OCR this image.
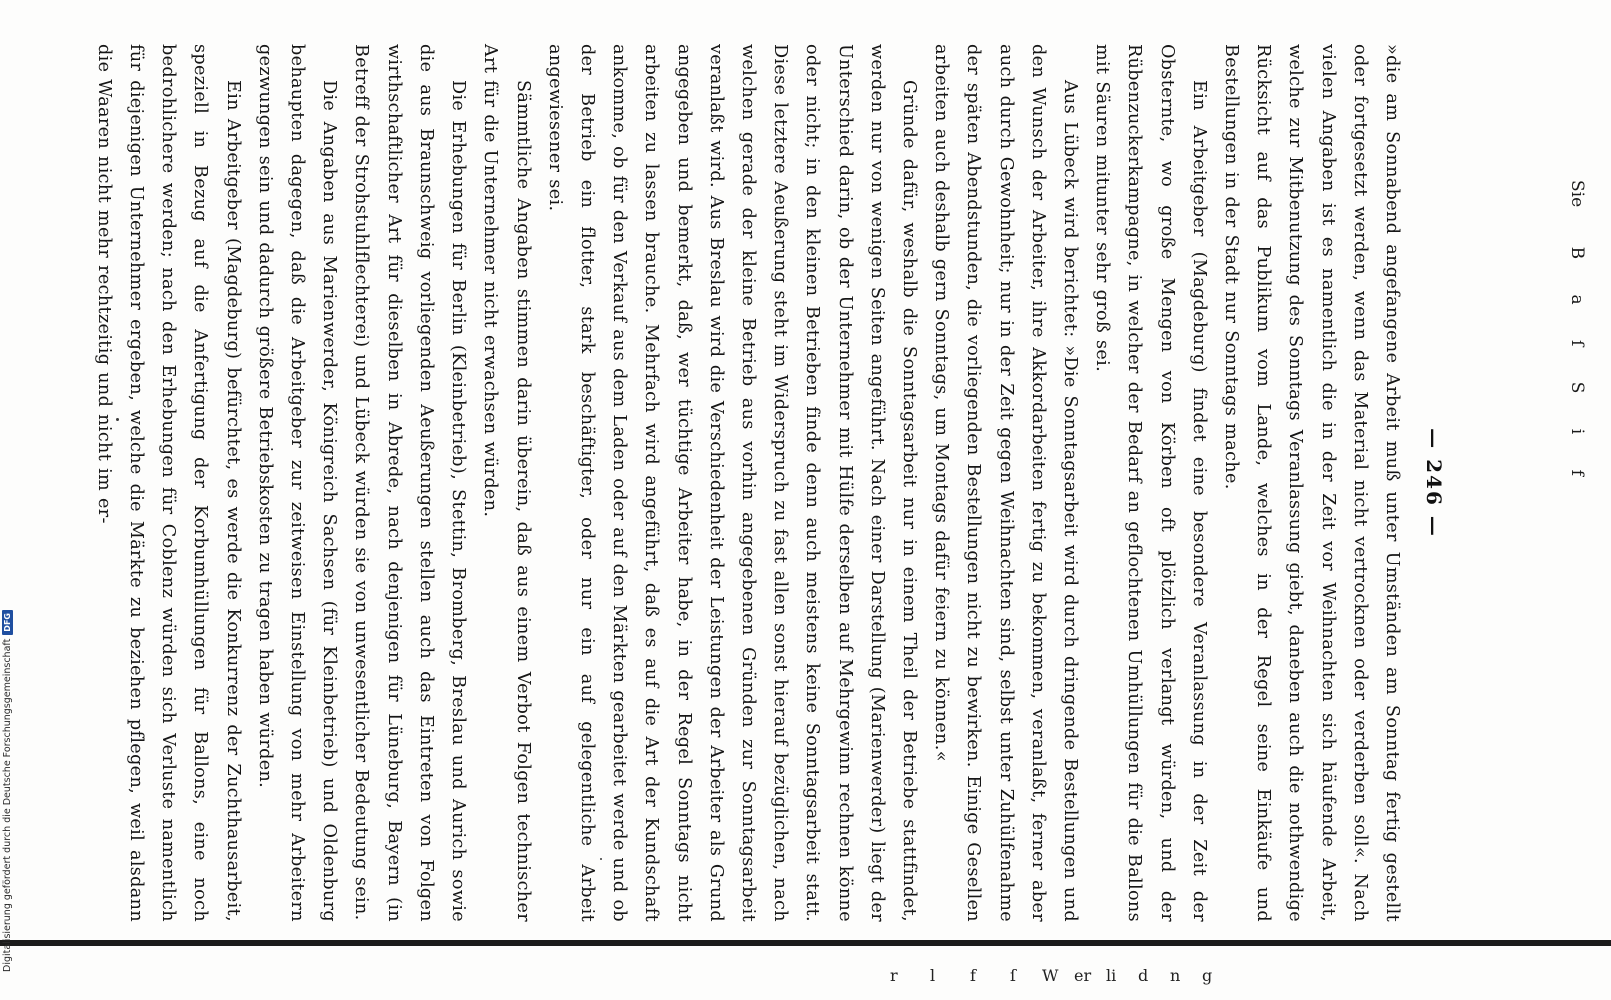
— 246 —

»die am Sonnabend angefangene Arbeit muß unter Umständen am Sonntag fertig gestellt oder fortgesetzt werden, wenn das Material nicht vertrocknen oder verderben soll«. Nach vielen Angaben ist es namentlich die in der Zeit vor Weihnachten sich häufende Arbeit, welche zur Mitbenutzung des Sonntags Veranlassung giebt, daneben auch die nothwendige Rücksicht auf das Publikum vom Lande, welches in der Regel seine Einkäufe und Bestellungen in der Stadt nur Sonntags mache.

Ein Arbeitgeber (Magdeburg) findet eine besondere Veranlassung in der Zeit der Obsternte, wo große Mengen von Körben oft plötzlich verlangt würden, und der Rübenzuckerkampagne, in welcher der Bedarf an geflochtenen Umhüllungen für die Ballons mit Säuren mitunter sehr groß sei.

Aus Lübeck wird berichtet: »Die Sonntagsarbeit wird durch dringende Bestellungen und den Wunsch der Arbeiter, ihre Akkordarbeiten fertig zu bekommen, veranlaßt, ferner aber auch durch Gewohnheit; nur in der Zeit gegen Weihnachten sind, selbst unter Zuhülfenahme der späten Abendstunden, die vorliegenden Bestellungen nicht zu bewirken. Einige Gesellen arbeiten auch deshalb gern Sonntags, um Montags dafür feiern zu können.«

Gründe dafür, weshalb die Sonntagsarbeit nur in einem Theil der Betriebe stattfindet, werden nur von wenigen Seiten angeführt. Nach einer Darstellung (Marienwerder) liegt der Unterschied darin, ob der Unternehmer mit Hülfe derselben auf Mehrgewinn rechnen könne oder nicht; in den kleinen Betrieben finde denn auch meistens keine Sonntagsarbeit statt. Diese letztere Aeußerung steht im Widerspruch zu fast allen sonst hierauf bezüglichen, nach welchen gerade der kleine Betrieb aus vorhin angegebenen Gründen zur Sonntagsarbeit veranlaßt wird. Aus Breslau wird die Verschiedenheit der Leistungen der Arbeiter als Grund angegeben und bemerkt, daß, wer tüchtige Arbeiter habe, in der Regel Sonntags nicht arbeiten zu lassen brauche. Mehrfach wird angeführt, daß es auf die Art der Kundschaft ankomme, ob für den Verkauf aus dem Laden oder auf den Märkten gearbeitet werde und ob der Betrieb ein flotter, stark beschäftigter, oder nur ein auf gelegentliche Arbeit angewiesener sei.

Sämmtliche Angaben stimmen darin überein, daß aus einem Verbot Folgen technischer Art für die Unternehmer nicht erwachsen würden.

Die Erhebungen für Berlin (Kleinbetrieb), Stettin, Bromberg, Breslau und Aurich sowie die aus Braunschweig vorliegenden Aeußerungen stellen auch das Eintreten von Folgen wirthschaftlicher Art für dieselben in Abrede, nach denjenigen für Lüneburg, Bayern (in Betreff der Strohstuhlflechterei) und Lübeck würden sie von unwesentlicher Bedeutung sein.

Die Angaben aus Marienwerder, Königreich Sachsen (für Kleinbetrieb) und Oldenburg behaupten dagegen, daß die Arbeitgeber zur zeitweisen Einstellung von mehr Arbeitern gezwungen sein und dadurch größere Betriebskosten zu tragen haben würden.

Ein Arbeitgeber (Magdeburg) befürchtet, es werde die Konkurrenz der Zuchthausarbeit, speziell in Bezug auf die Anfertigung der Korbumhüllungen für Ballons, eine noch bedrohlichere werden; nach den Erhebungen für Coblenz würden sich Verluste namentlich für diejenigen Unternehmer ergeben, welche die Märkte zu beziehen pflegen, weil alsdann die Waaren nicht mehr rechtzeitig und nicht im er-	Sie B a ſ S i f
r l f ſ W er li d n g
Digitalisierung gefördert durch die Deutsche Forschungsgemeinschaft
DFG
